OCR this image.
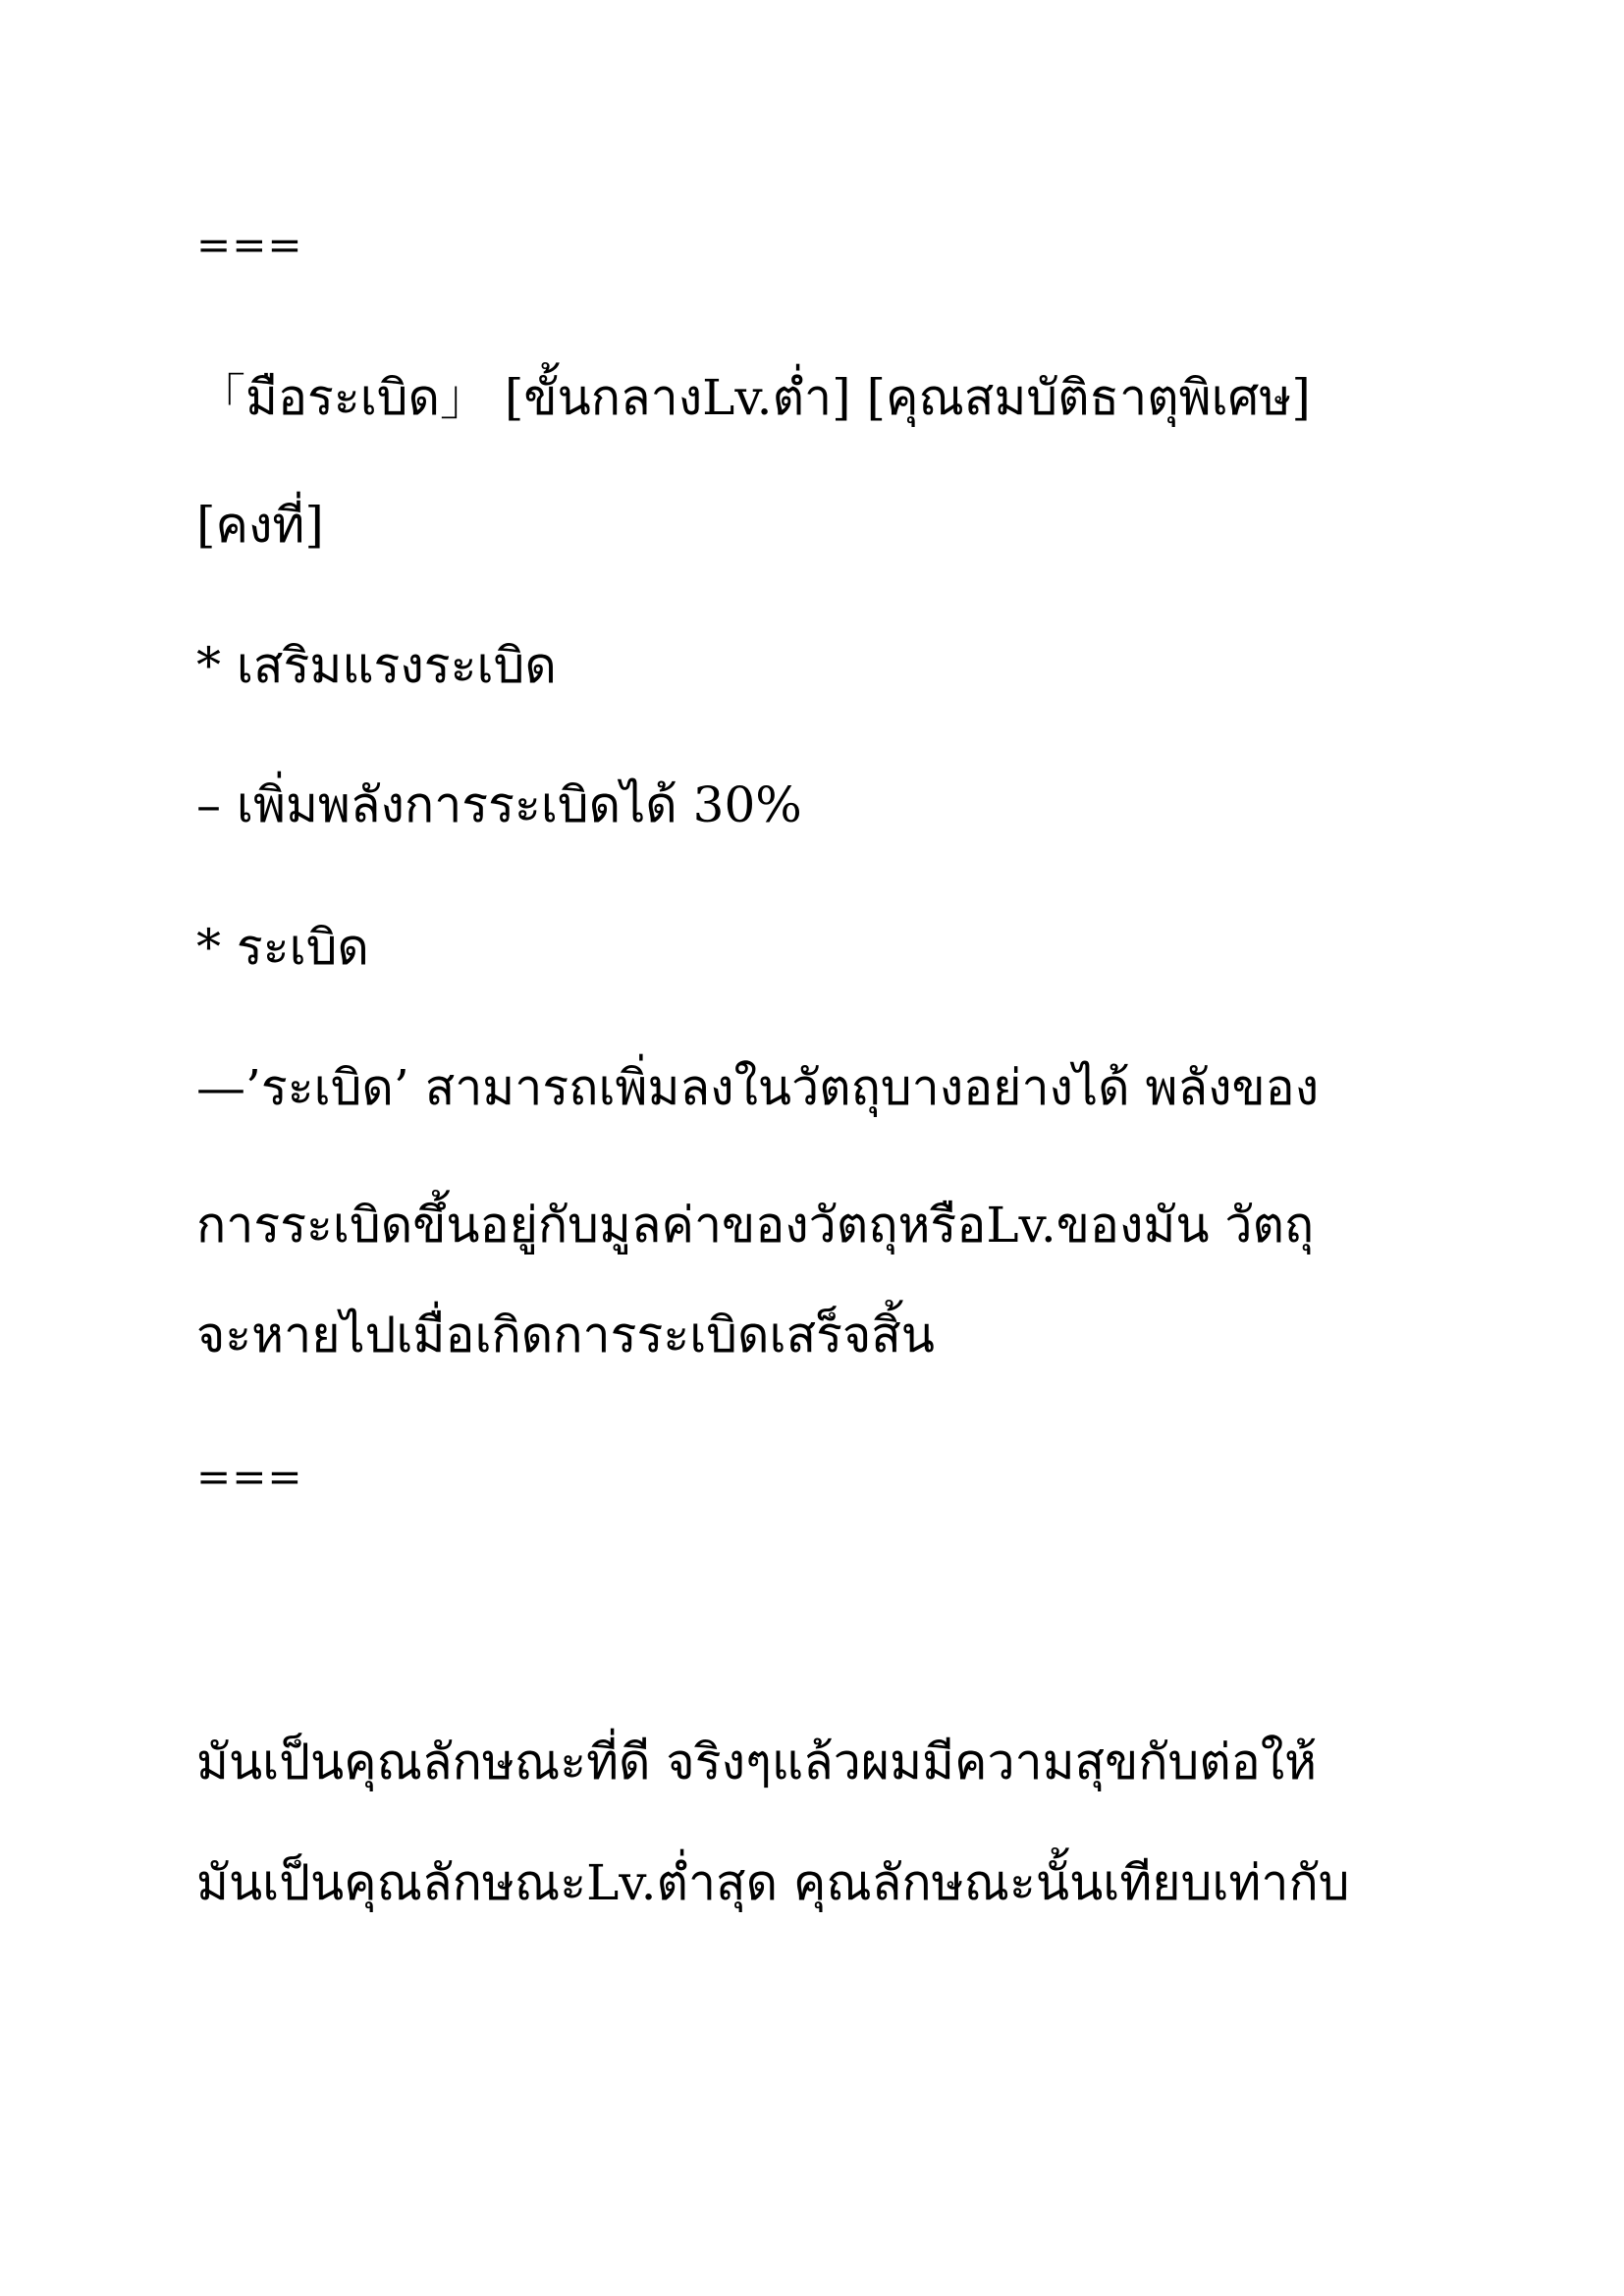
===

「มือระเบิด」 [ขั้นกลางLv.ต่ำ] [คุณสมบัติธาตุพิเศษ]

[คงที่]

* เสริมแรงระเบิด

– เพิ่มพลังการระเบิดได้ 30%

* ระเบิด

—’ระเบิด’ สามารถเพิ่มลงในวัตถุบางอย่างได้ พลังของ

การระเบิดขึ้นอยู่กับมูลค่าของวัตถุหรือLv.ของมัน วัตถุ

จะหายไปเมื่อเกิดการระเบิดเสร็จสิ้น

===

มันเป็นคุณลักษณะที่ดี จริงๆแล้วผมมีความสุขกับต่อให้

มันเป็นคุณลักษณะLv.ต่ำสุด คุณลักษณะนั้นเทียบเท่ากับ
